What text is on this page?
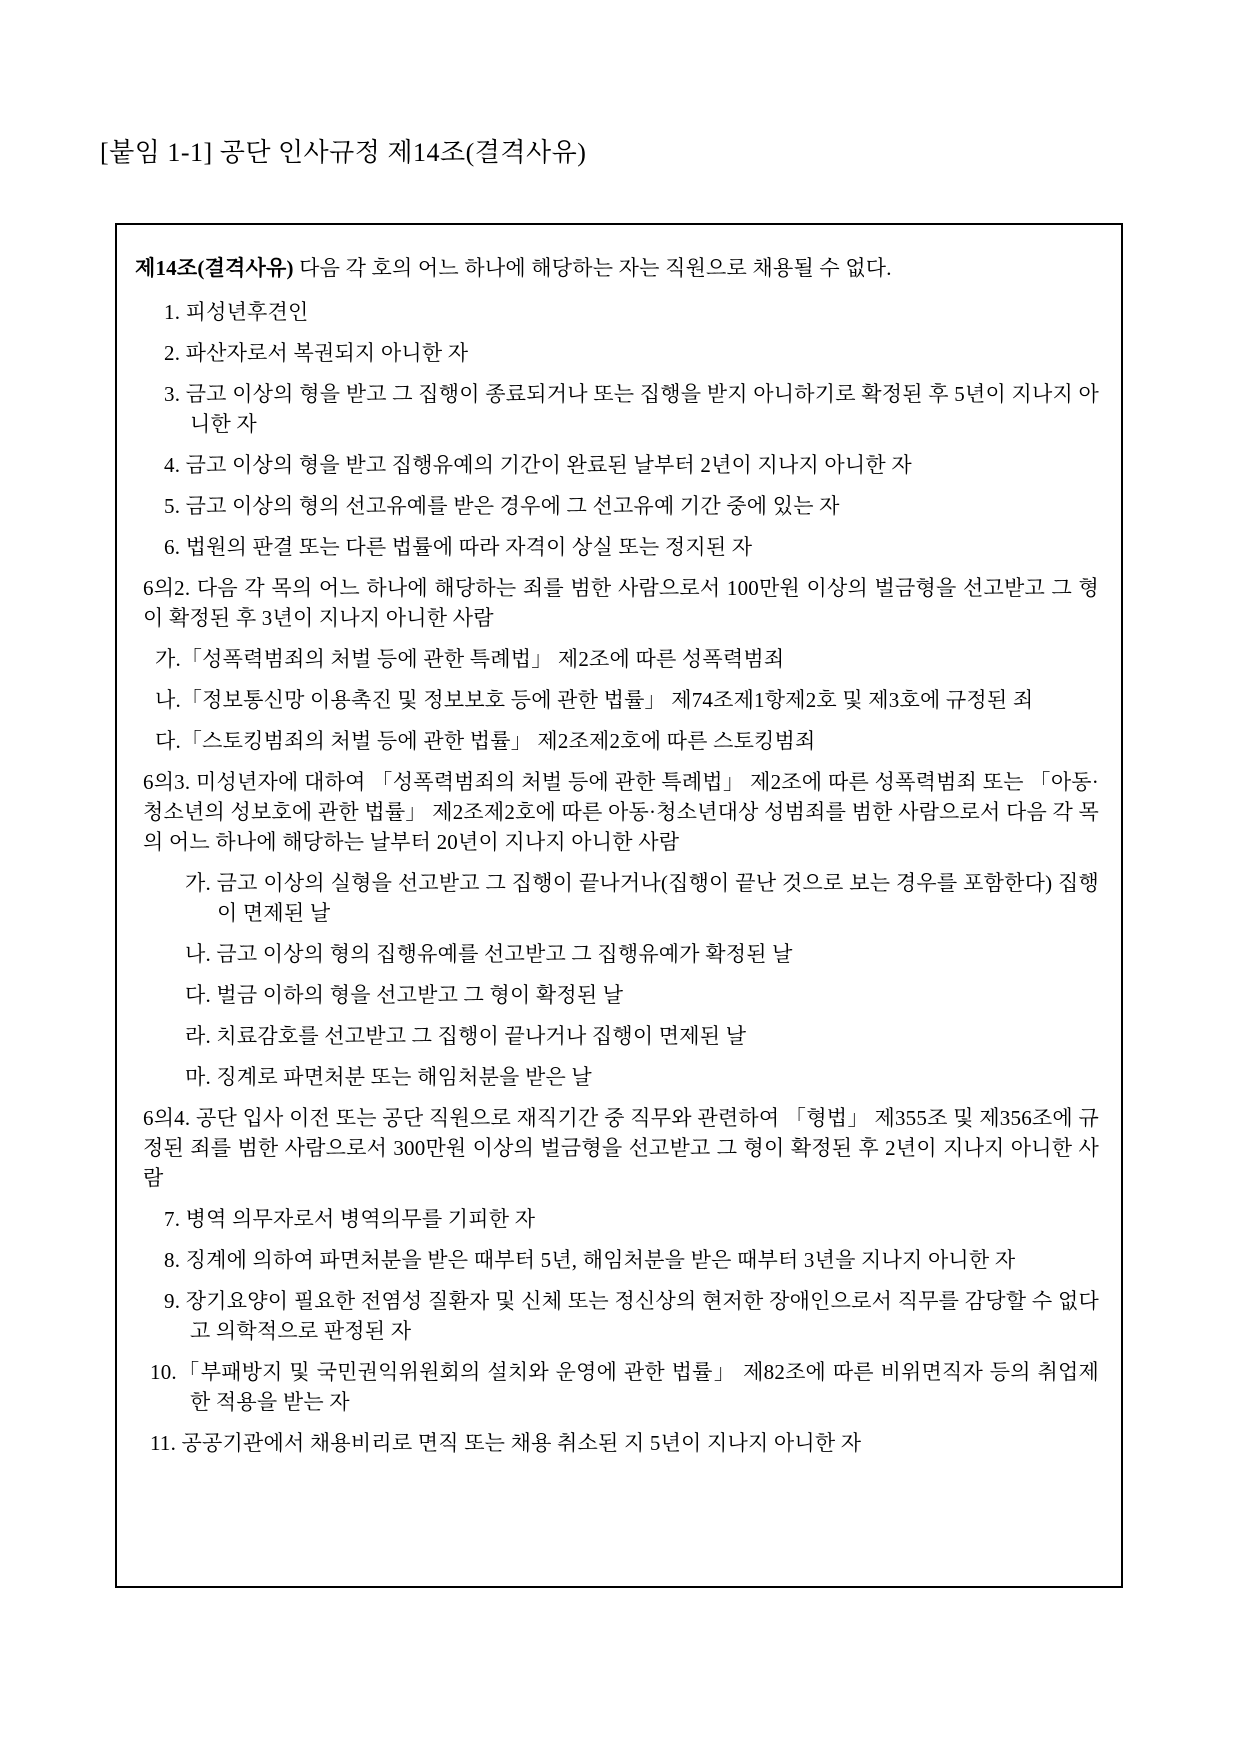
[붙임 1-1] 공단 인사규정 제14조(결격사유)

제14조(결격사유) 다음 각 호의 어느 하나에 해당하는 자는 직원으로 채용될 수 없다.

1. 피성년후견인

2. 파산자로서 복권되지 아니한 자

3. 금고 이상의 형을 받고 그 집행이 종료되거나 또는 집행을 받지 아니하기로 확정된 후 5년이 지나지 아니한 자

4. 금고 이상의 형을 받고 집행유예의 기간이 완료된 날부터 2년이 지나지 아니한 자

5. 금고 이상의 형의 선고유예를 받은 경우에 그 선고유예 기간 중에 있는 자

6. 법원의 판결 또는 다른 법률에 따라 자격이 상실 또는 정지된 자

6의2. 다음 각 목의 어느 하나에 해당하는 죄를 범한 사람으로서 100만원 이상의 벌금형을 선고받고 그 형이 확정된 후 3년이 지나지 아니한 사람

가.「성폭력범죄의 처벌 등에 관한 특례법」 제2조에 따른 성폭력범죄

나.「정보통신망 이용촉진 및 정보보호 등에 관한 법률」 제74조제1항제2호 및 제3호에 규정된 죄

다.「스토킹범죄의 처벌 등에 관한 법률」 제2조제2호에 따른 스토킹범죄

6의3. 미성년자에 대하여 「성폭력범죄의 처벌 등에 관한 특례법」 제2조에 따른 성폭력범죄 또는 「아동·청소년의 성보호에 관한 법률」 제2조제2호에 따른 아동·청소년대상 성범죄를 범한 사람으로서 다음 각 목의 어느 하나에 해당하는 날부터 20년이 지나지 아니한 사람

가. 금고 이상의 실형을 선고받고 그 집행이 끝나거나(집행이 끝난 것으로 보는 경우를 포함한다) 집행이 면제된 날

나. 금고 이상의 형의 집행유예를 선고받고 그 집행유예가 확정된 날

다. 벌금 이하의 형을 선고받고 그 형이 확정된 날

라. 치료감호를 선고받고 그 집행이 끝나거나 집행이 면제된 날

마. 징계로 파면처분 또는 해임처분을 받은 날

6의4. 공단 입사 이전 또는 공단 직원으로 재직기간 중 직무와 관련하여 「형법」 제355조 및 제356조에 규정된 죄를 범한 사람으로서 300만원 이상의 벌금형을 선고받고 그 형이 확정된 후 2년이 지나지 아니한 사람

7. 병역 의무자로서 병역의무를 기피한 자

8. 징계에 의하여 파면처분을 받은 때부터 5년, 해임처분을 받은 때부터 3년을 지나지 아니한 자

9. 장기요양이 필요한 전염성 질환자 및 신체 또는 정신상의 현저한 장애인으로서 직무를 감당할 수 없다고 의학적으로 판정된 자

10.「부패방지 및 국민권익위원회의 설치와 운영에 관한 법률」 제82조에 따른 비위면직자 등의 취업제한 적용을 받는 자

11. 공공기관에서 채용비리로 면직 또는 채용 취소된 지 5년이 지나지 아니한 자
